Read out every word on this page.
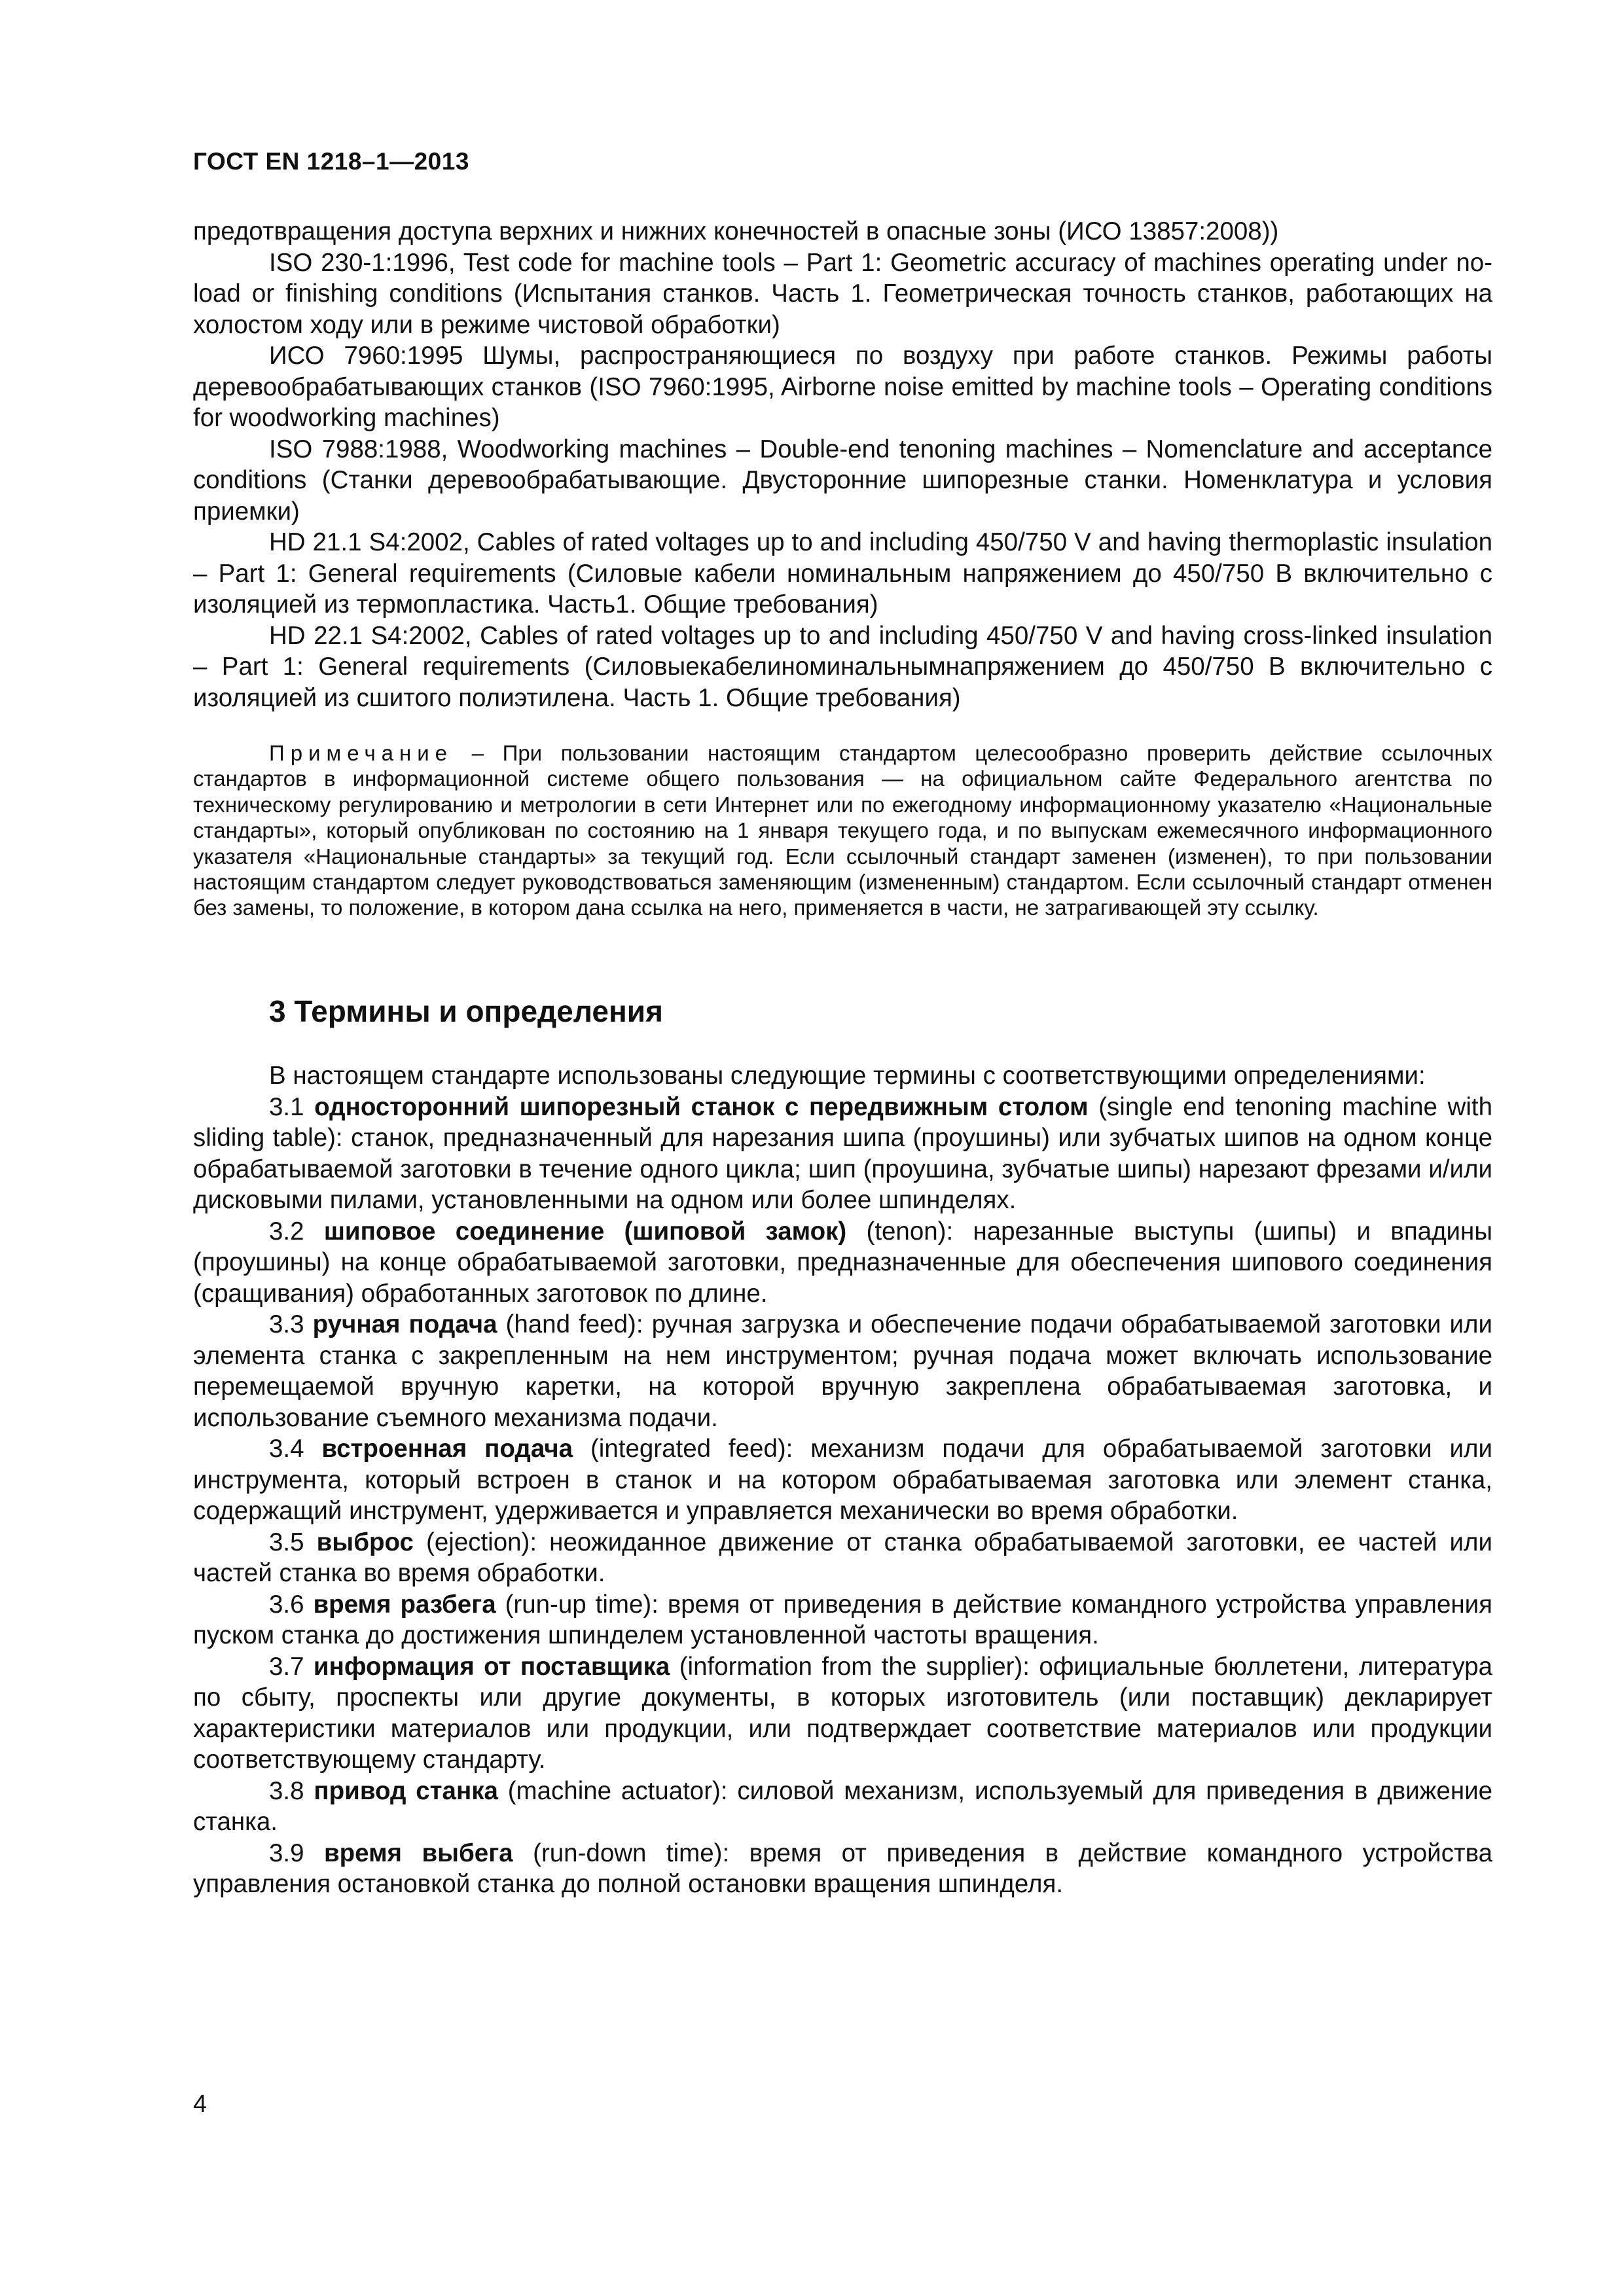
ГОСТ EN 1218–1—2013

предотвращения доступа верхних и нижних конечностей в опасные зоны (ИСО 13857:2008))

ISO 230-1:1996, Test code for machine tools – Part 1: Geometric accuracy of machines operating under no-load or finishing conditions (Испытания станков. Часть 1. Геометрическая точность станков, работающих на холостом ходу или в режиме чистовой обработки)

ИСО 7960:1995 Шумы, распространяющиеся по воздуху при работе станков. Режимы работы деревообрабатывающих станков (ISO 7960:1995, Airborne noise emitted by machine tools – Operating conditions for woodworking machines)

ISO 7988:1988, Woodworking machines – Double-end tenoning machines – Nomenclature and acceptance conditions (Станки деревообрабатывающие. Двусторонние шипорезные станки. Номенклатура и условия приемки)

HD 21.1 S4:2002, Cables of rated voltages up to and including 450/750 V and having thermoplastic insulation – Part 1: General requirements (Силовые кабели номинальным напряжением до 450/750 В включительно с изоляцией из термопластика. Часть1. Общие требования)

HD 22.1 S4:2002, Cables of rated voltages up to and including 450/750 V and having cross-linked insulation – Part 1: General requirements (Силовыекабелиноминальнымнапряжением до 450/750 В включительно с изоляцией из сшитого полиэтилена. Часть 1. Общие требования)

Примечание – При пользовании настоящим стандартом целесообразно проверить действие ссылочных стандартов в информационной системе общего пользования — на официальном сайте Федерального агентства по техническому регулированию и метрологии в сети Интернет или по ежегодному информационному указателю «Национальные стандарты», который опубликован по состоянию на 1 января текущего года, и по выпускам ежемесячного информационного указателя «Национальные стандарты» за текущий год. Если ссылочный стандарт заменен (изменен), то при пользовании настоящим стандартом следует руководствоваться заменяющим (измененным) стандартом. Если ссылочный стандарт отменен без замены, то положение, в котором дана ссылка на него, применяется в части, не затрагивающей эту ссылку.

3 Термины и определения

В настоящем стандарте использованы следующие термины с соответствующими определениями:

3.1 односторонний шипорезный станок с передвижным столом (single end tenoning machine with sliding table): станок, предназначенный для нарезания шипа (проушины) или зубчатых шипов на одном конце обрабатываемой заготовки в течение одного цикла; шип (проушина, зубчатые шипы) нарезают фрезами и/или дисковыми пилами, установленными на одном или более шпинделях.

3.2 шиповое соединение (шиповой замок) (tenon): нарезанные выступы (шипы) и впадины (проушины) на конце обрабатываемой заготовки, предназначенные для обеспечения шипового соединения (сращивания) обработанных заготовок по длине.

3.3 ручная подача (hand feed): ручная загрузка и обеспечение подачи обрабатываемой заготовки или элемента станка с закрепленным на нем инструментом; ручная подача может включать использование перемещаемой вручную каретки, на которой вручную закреплена обрабатываемая заготовка, и использование съемного механизма подачи.

3.4 встроенная подача (integrated feed): механизм подачи для обрабатываемой заготовки или инструмента, который встроен в станок и на котором обрабатываемая заготовка или элемент станка, содержащий инструмент, удерживается и управляется механически во время обработки.

3.5 выброс (ejection): неожиданное движение от станка обрабатываемой заготовки, ее частей или частей станка во время обработки.

3.6 время разбега (run-up time): время от приведения в действие командного устройства управления пуском станка до достижения шпинделем установленной частоты вращения.

3.7 информация от поставщика (information from the supplier): официальные бюллетени, литература по сбыту, проспекты или другие документы, в которых изготовитель (или поставщик) декларирует характеристики материалов или продукции, или подтверждает соответствие материалов или продукции соответствующему стандарту.

3.8 привод станка (machine actuator): силовой механизм, используемый для приведения в движение станка.

3.9 время выбега (run-down time): время от приведения в действие командного устройства управления остановкой станка до полной остановки вращения шпинделя.

4
